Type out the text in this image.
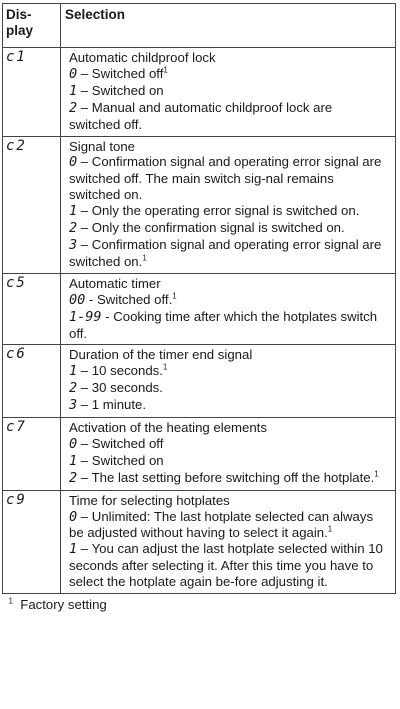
Dis-
play	Selection
c1	Automatic childproof lock
0 – Switched off$^1$
1 – Switched on
2 – Manual and automatic childproof lock are switched off.

c2	Signal tone
0 – Confirmation signal and operating error signal are switched off. The main switch sig-nal remains switched on.
1 – Only the operating error signal is switched on.
2 – Only the confirmation signal is switched on.
3 – Confirmation signal and operating error signal are switched on.$^1$

c5	Automatic timer
00 - Switched off.$^1$
1-99 - Cooking time after which the hotplates switch off.

c6	Duration of the timer end signal
1 – 10 seconds.$^1$
2 – 30 seconds.
3 – 1 minute.

c7	Activation of the heating elements
0 – Switched off
1 – Switched on
2 – The last setting before switching off the hotplate.$^1$

c9	Time for selecting hotplates
0 – Unlimited: The last hotplate selected can always be adjusted without having to select it again.$^1$
1 – You can adjust the last hotplate selected within 10 seconds after selecting it. After this time you have to select the hotplate again be-fore adjusting it.

$^1$ Factory setting	
